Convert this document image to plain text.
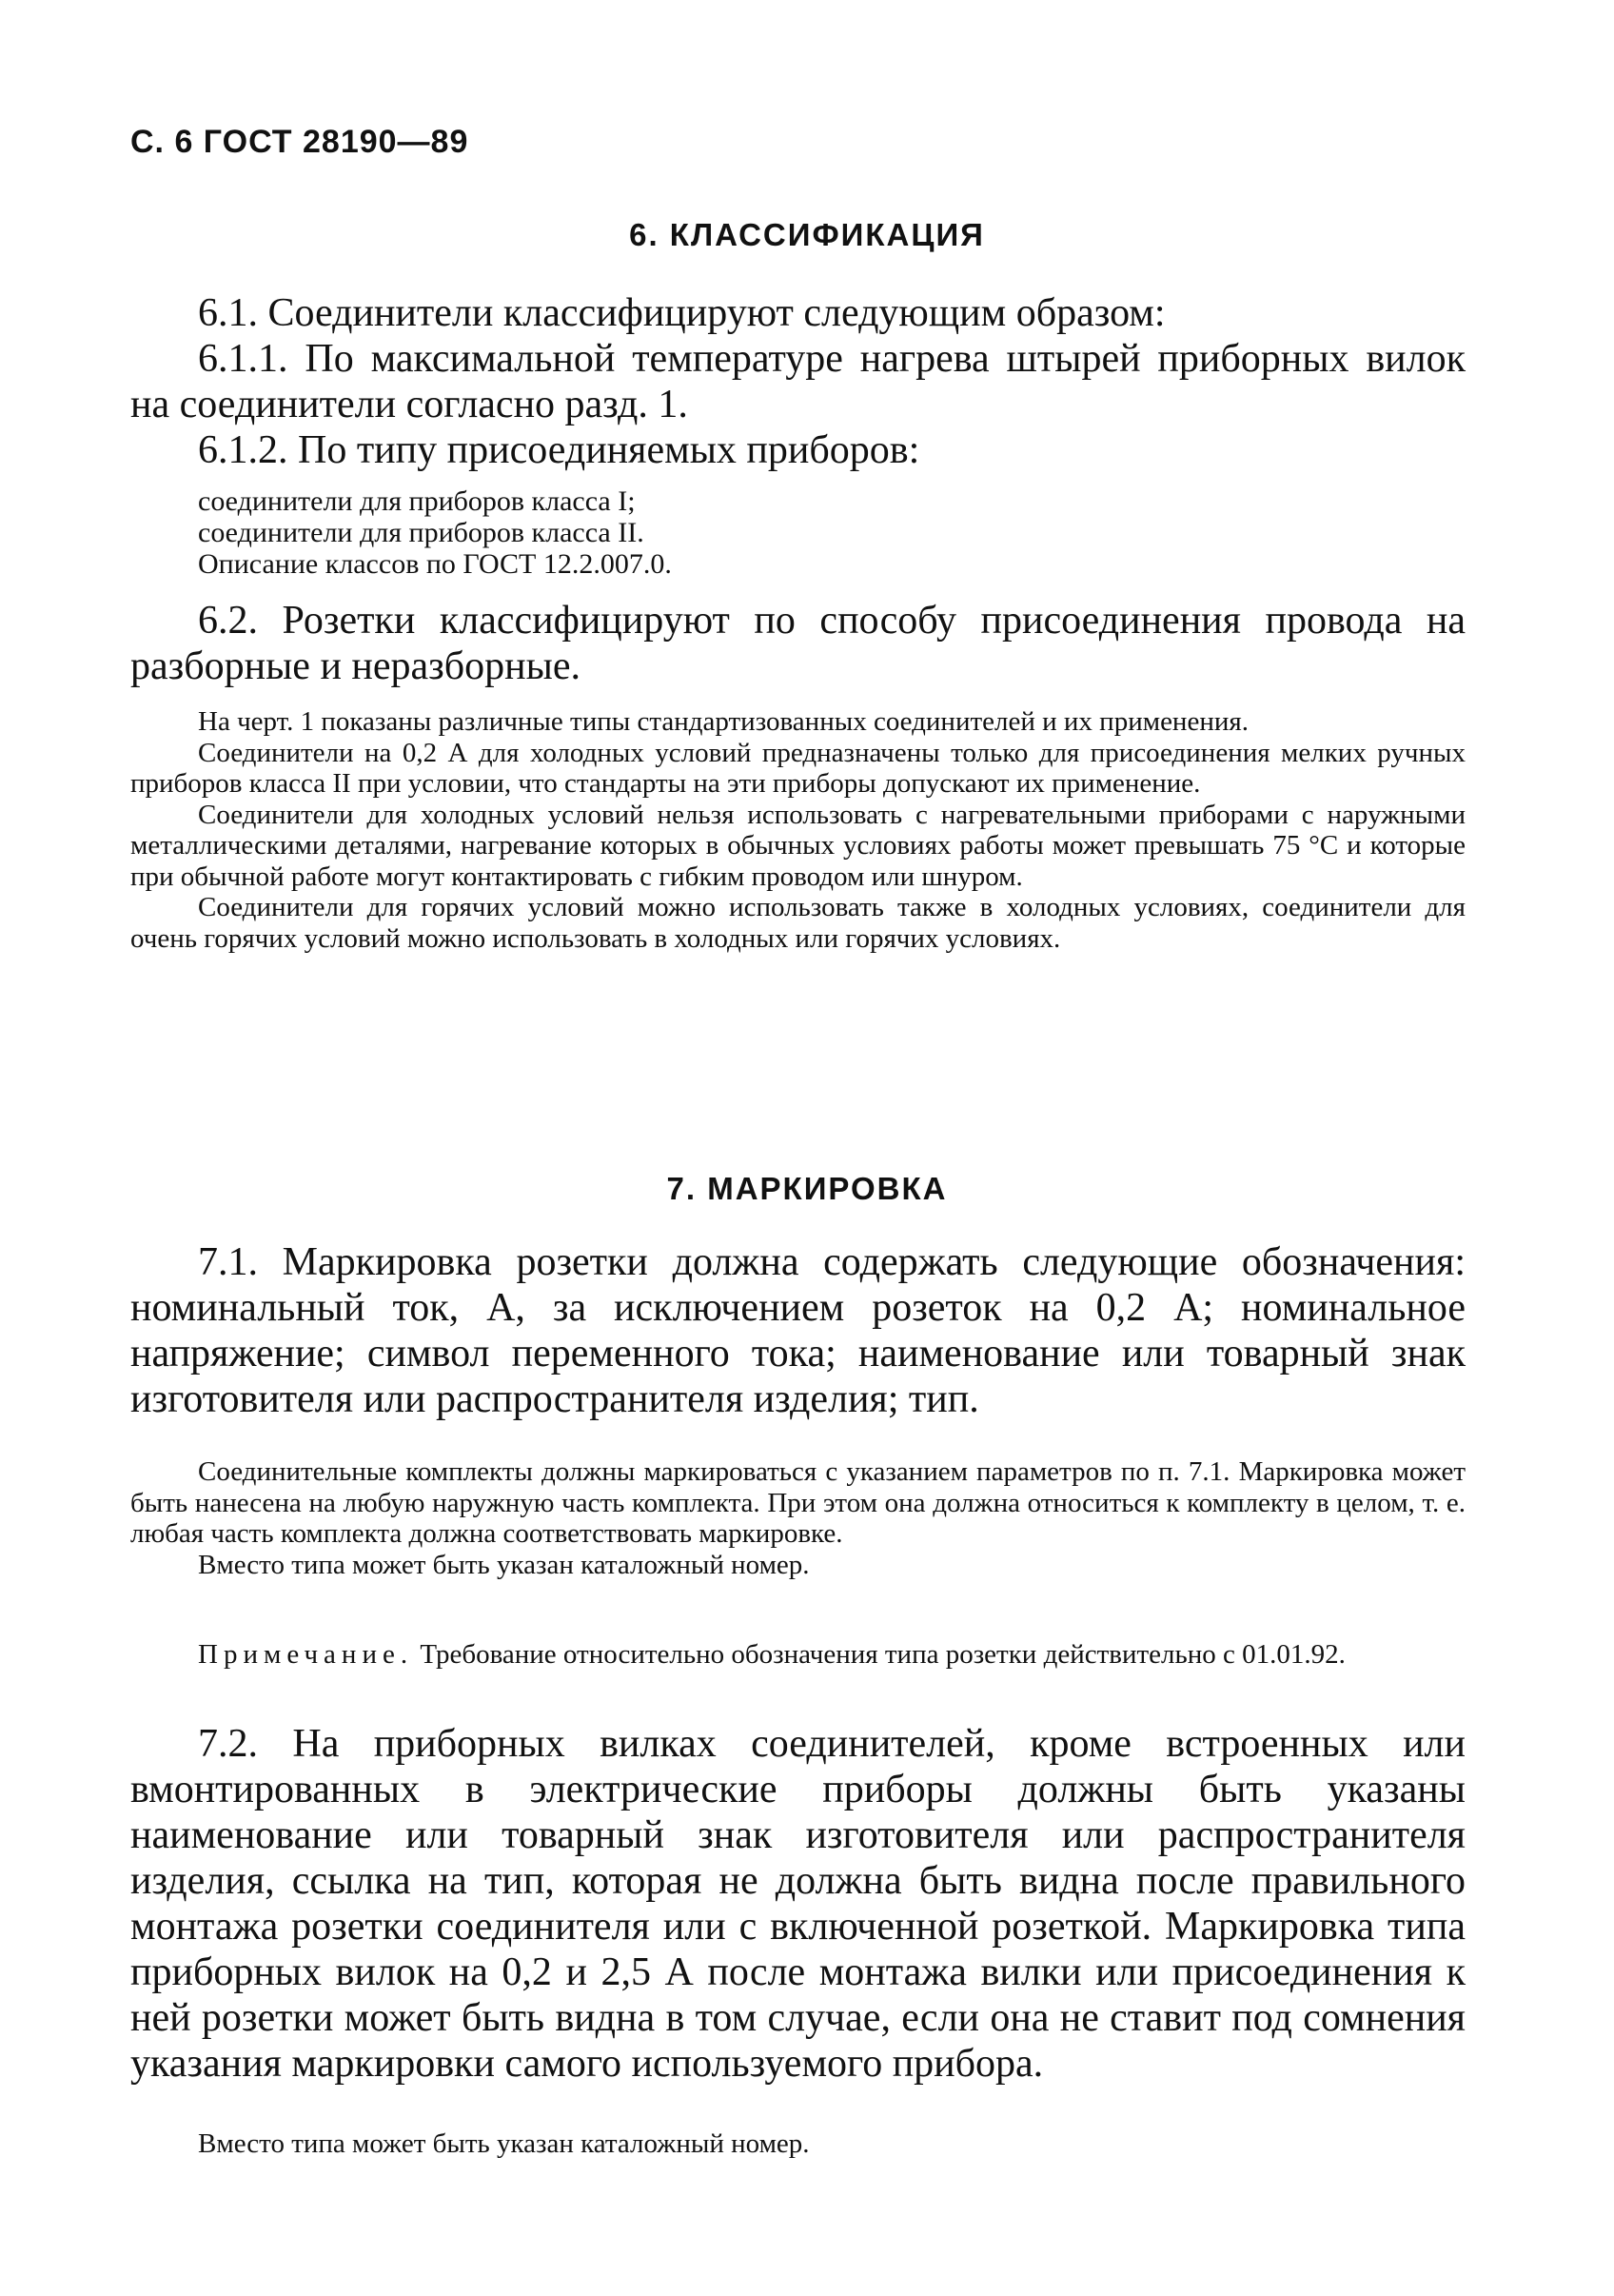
С. 6 ГОСТ 28190—89
6. КЛАССИФИКАЦИЯ

6.1. Соединители классифицируют следующим образом:

6.1.1. По максимальной температуре нагрева штырей приборных вилок на соединители согласно разд. 1.

6.1.2. По типу присоединяемых приборов:

соединители для приборов класса I;

соединители для приборов класса II.

Описание классов по ГОСТ 12.2.007.0.

6.2. Розетки классифицируют по способу присоединения провода на разборные и неразборные.

На черт. 1 показаны различные типы стандартизованных соединителей и их применения.

Соединители на 0,2 А для холодных условий предназначены только для присоединения мелких ручных приборов класса II при условии, что стандарты на эти приборы допускают их применение.

Соединители для холодных условий нельзя использовать с нагревательными приборами с наружными металлическими деталями, нагревание которых в обычных условиях работы может превышать 75 °С и которые при обычной работе могут контактировать с гибким проводом или шнуром.

Соединители для горячих условий можно использовать также в холодных условиях, соединители для очень горячих условий можно использовать в холодных или горячих условиях.

7. МАРКИРОВКА

7.1. Маркировка розетки должна содержать следующие обозначения: номинальный ток, А, за исключением розеток на 0,2 А; номинальное напряжение; символ переменного тока; наименование или товарный знак изготовителя или распространителя изделия; тип.

Соединительные комплекты должны маркироваться с указанием параметров по п. 7.1. Маркировка может быть нанесена на любую наружную часть комплекта. При этом она должна относиться к комплекту в целом, т. е. любая часть комплекта должна соответствовать маркировке.

Вместо типа может быть указан каталожный номер.

Примечание. Требование относительно обозначения типа розетки действительно с 01.01.92.

7.2. На приборных вилках соединителей, кроме встроенных или вмонтированных в электрические приборы должны быть указаны наименование или товарный знак изготовителя или распространителя изделия, ссылка на тип, которая не должна быть видна после правильного монтажа розетки соединителя или с включенной розеткой. Маркировка типа приборных вилок на 0,2 и 2,5 А после монтажа вилки или присоединения к ней розетки может быть видна в том случае, если она не ставит под сомнения указания маркировки самого используемого прибора.

Вместо типа может быть указан каталожный номер.
